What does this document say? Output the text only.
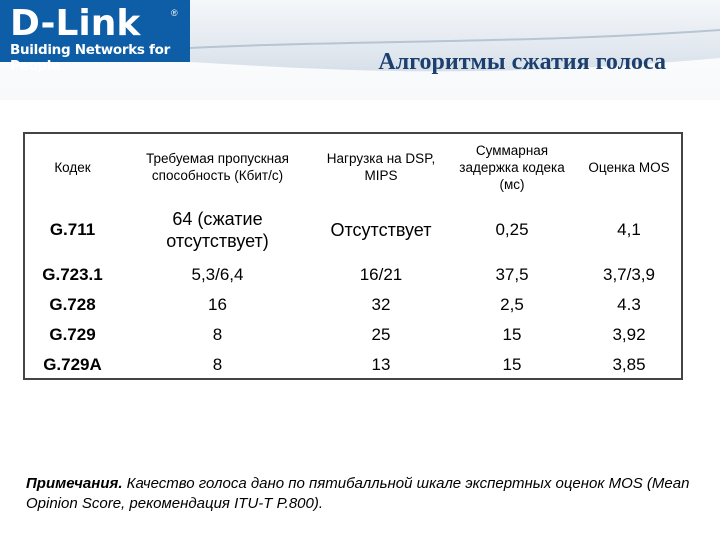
D-Link	®
Building Networks for People	Алгоритмы сжатия голоса
Кодек	Требуемая пропускная способность (Кбит/с)	Нагрузка на DSP, MIPS	Суммарная задержка кодека (мс)	Оценка MOS
G.711	64 (сжатие отсутствует)	Отсутствует	0,25	4,1
G.723.1	5,3/6,4	16/21	37,5	3,7/3,9
G.728	16	32	2,5	4.3
G.729	8	25	15	3,92
G.729A	8	13	15	3,85
Примечания. Качество голоса дано по пятибалльной шкале экспертных оценок MOS (Mean Opinion Score, рекомендация ITU-T P.800).
